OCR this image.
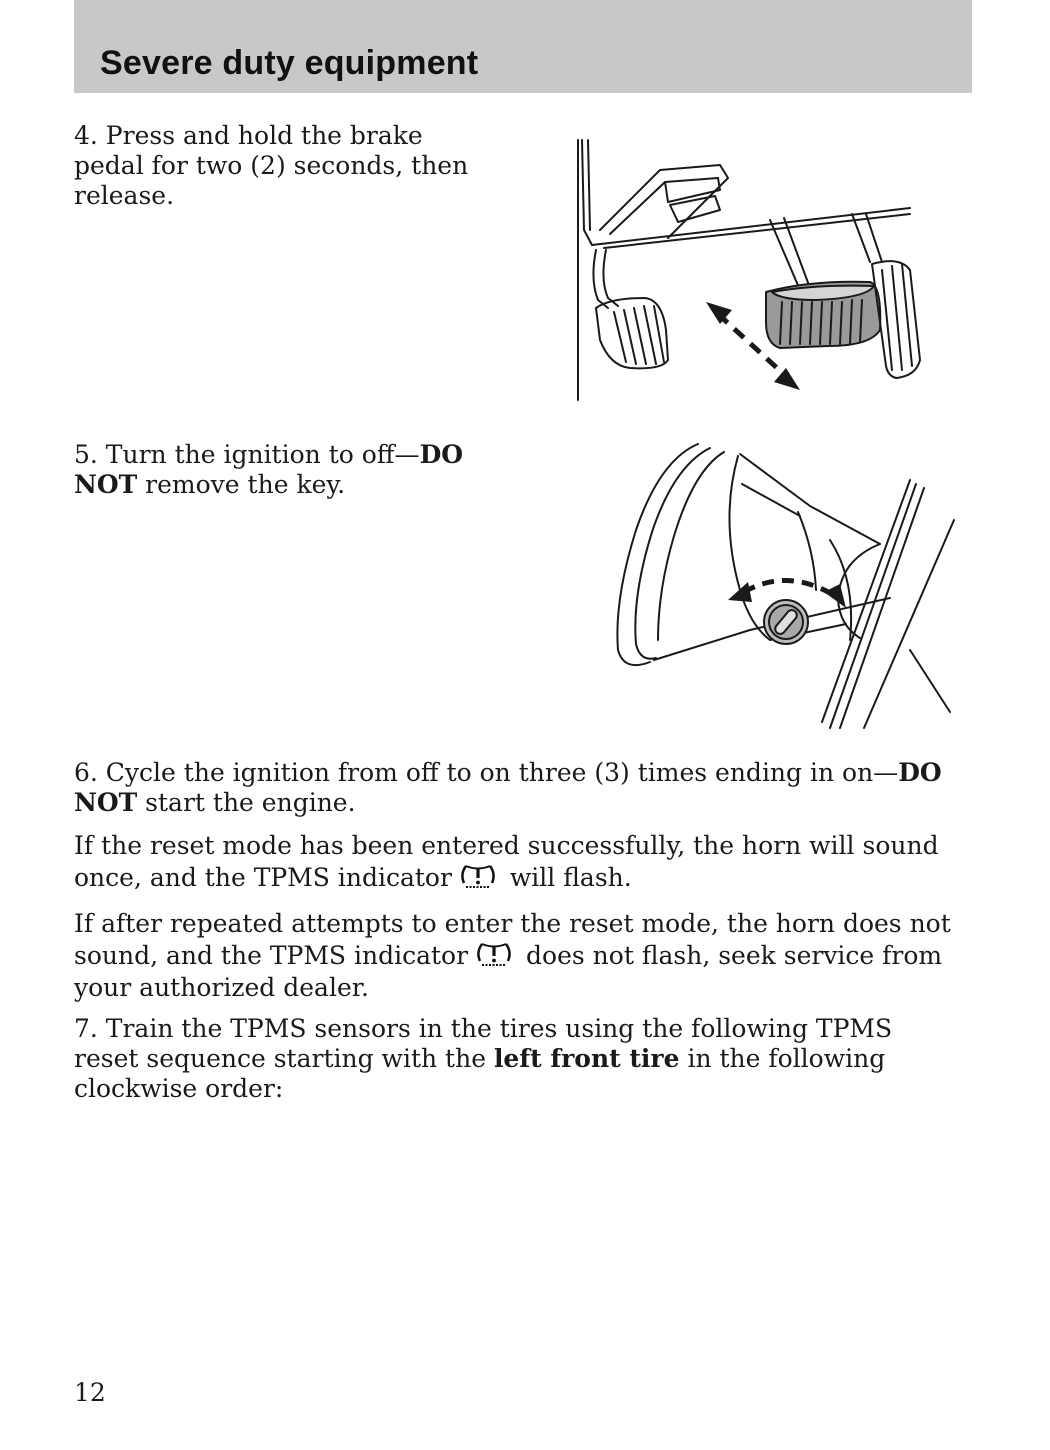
Severe duty equipment

4. Press and hold the brake pedal for two (2) seconds, then release.

5. Turn the ignition to off—DO NOT remove the key.

6. Cycle the ignition from off to on three (3) times ending in on—DO NOT start the engine.

If the reset mode has been entered successfully, the horn will sound once, and the TPMS indicator will flash.

If after repeated attempts to enter the reset mode, the horn does not sound, and the TPMS indicator does not flash, seek service from your authorized dealer.

7. Train the TPMS sensors in the tires using the following TPMS reset sequence starting with the left front tire in the following clockwise order:

12
